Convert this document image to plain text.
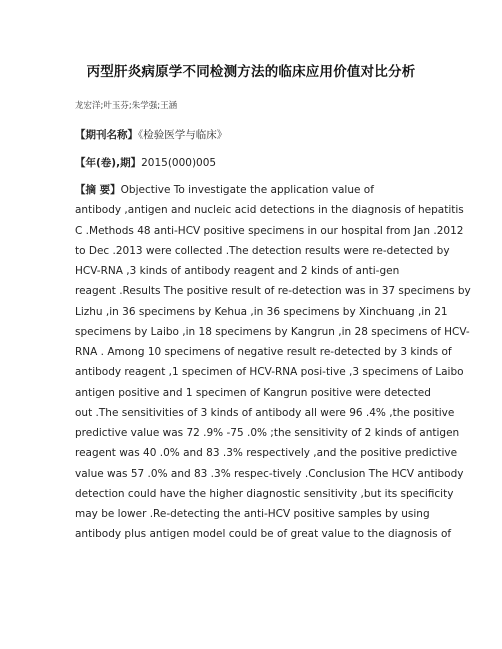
丙型肝炎病原学不同检测方法的临床应用价值对比分析
龙宏洋;叶玉芬;朱学强;王涵
【期刊名称】《检验医学与临床》
【年(卷),期】2015(000)005
【摘 要】Objective To investigate the application value of
antibody ,antigen and nucleic acid detections in the diagnosis of hepatitis
C .Methods 48 anti-HCV positive specimens in our hospital from Jan .2012
to Dec .2013 were collected .The detection results were re-detected by
HCV-RNA ,3 kinds of antibody reagent and 2 kinds of anti-gen
reagent .Results The positive result of re-detection was in 37 specimens by
Lizhu ,in 36 specimens by Kehua ,in 36 specimens by Xinchuang ,in 21
specimens by Laibo ,in 18 specimens by Kangrun ,in 28 specimens of HCV-
RNA . Among 10 specimens of negative result re-detected by 3 kinds of
antibody reagent ,1 specimen of HCV-RNA posi-tive ,3 specimens of Laibo
antigen positive and 1 specimen of Kangrun positive were detected
out .The sensitivities of 3 kinds of antibody all were 96 .4% ,the positive
predictive value was 72 .9% -75 .0% ;the sensitivity of 2 kinds of antigen
reagent was 40 .0% and 83 .3% respectively ,and the positive predictive
value was 57 .0% and 83 .3% respec-tively .Conclusion The HCV antibody
detection could have the higher diagnostic sensitivity ,but its specificity
may be lower .Re-detecting the anti-HCV positive samples by using
antibody plus antigen model could be of great value to the diagnosis of
